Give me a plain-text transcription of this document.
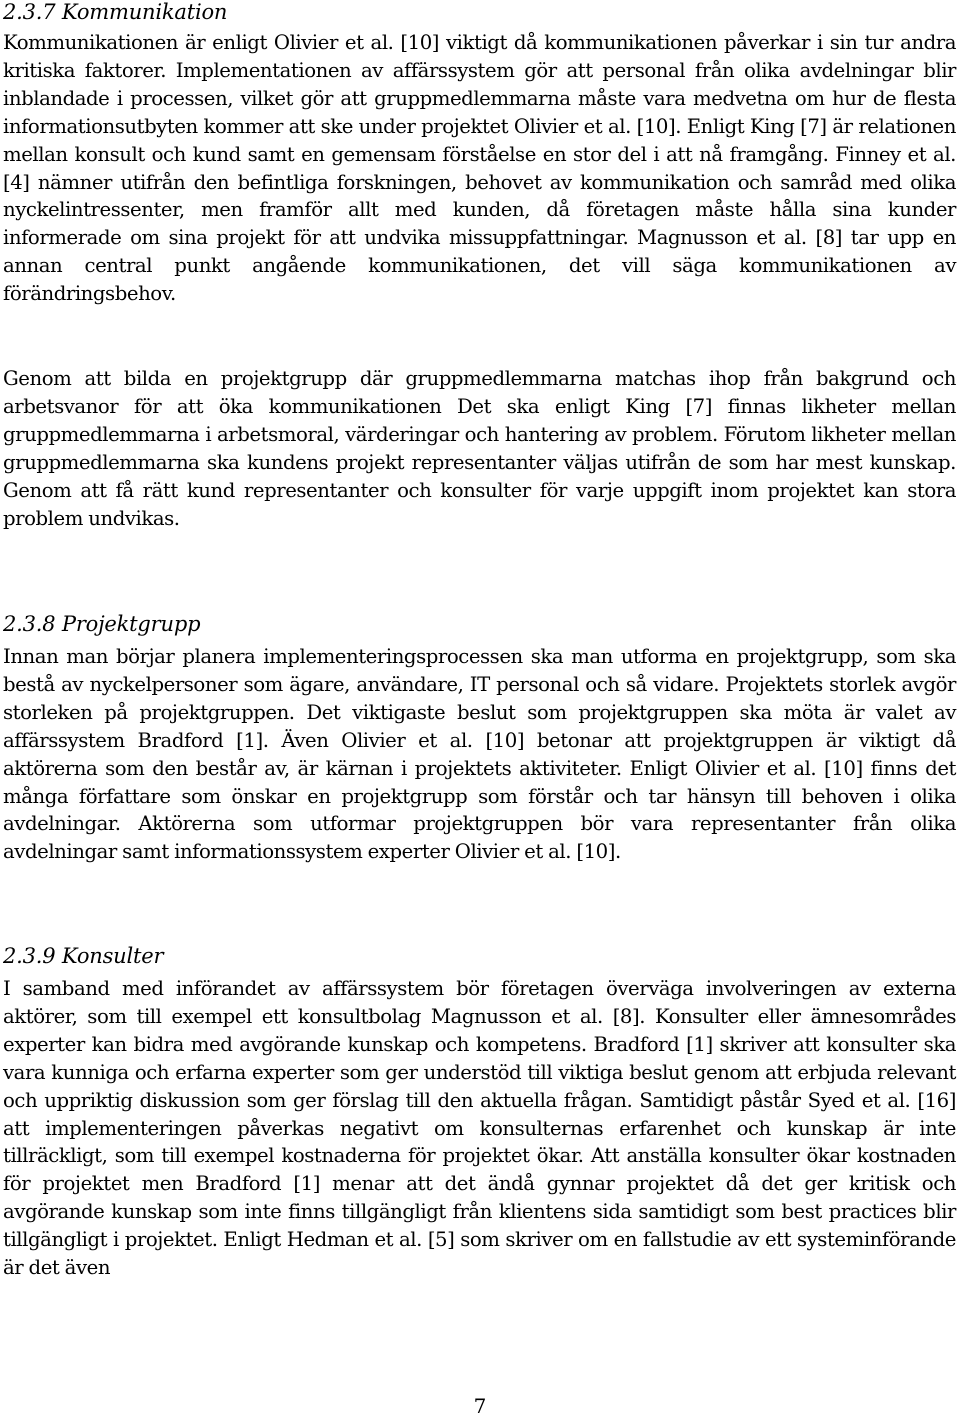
2.3.7 Kommunikation

Kommunikationen är enligt Olivier et al. [10] viktigt då kommunikationen påverkar i sin tur andra kritiska faktorer. Implementationen av affärssystem gör att personal från olika avdelningar blir inblandade i processen, vilket gör att gruppmedlemmarna måste vara medvetna om hur de flesta informationsutbyten kommer att ske under projektet Olivier et al. [10]. Enligt King [7] är relationen mellan konsult och kund samt en gemensam förståelse en stor del i att nå framgång. Finney et al. [4] nämner utifrån den befintliga forskningen, behovet av kommunikation och samråd med olika nyckelintressenter, men framför allt med kunden, då företagen måste hålla sina kunder informerade om sina projekt för att undvika missuppfattningar. Magnusson et al. [8] tar upp en annan central punkt angående kommunikationen, det vill säga kommunikationen av förändringsbehov.

Genom att bilda en projektgrupp där gruppmedlemmarna matchas ihop från bakgrund och arbetsvanor för att öka kommunikationen Det ska enligt King [7] finnas likheter mellan gruppmedlemmarna i arbetsmoral, värderingar och hantering av problem. Förutom likheter mellan gruppmedlemmarna ska kundens projekt representanter väljas utifrån de som har mest kunskap. Genom att få rätt kund representanter och konsulter för varje uppgift inom projektet kan stora problem undvikas.

2.3.8 Projektgrupp

Innan man börjar planera implementeringsprocessen ska man utforma en projektgrupp, som ska bestå av nyckelpersoner som ägare, användare, IT personal och så vidare. Projektets storlek avgör storleken på projektgruppen. Det viktigaste beslut som projektgruppen ska möta är valet av affärssystem Bradford [1]. Även Olivier et al. [10] betonar att projektgruppen är viktigt då aktörerna som den består av, är kärnan i projektets aktiviteter. Enligt Olivier et al. [10] finns det många författare som önskar en projektgrupp som förstår och tar hänsyn till behoven i olika avdelningar. Aktörerna som utformar projektgruppen bör vara representanter från olika avdelningar samt informationssystem experter Olivier et al. [10].

2.3.9 Konsulter

I samband med införandet av affärssystem bör företagen överväga involveringen av externa aktörer, som till exempel ett konsultbolag Magnusson et al. [8]. Konsulter eller ämnesområdes experter kan bidra med avgörande kunskap och kompetens. Bradford [1] skriver att konsulter ska vara kunniga och erfarna experter som ger understöd till viktiga beslut genom att erbjuda relevant och uppriktig diskussion som ger förslag till den aktuella frågan. Samtidigt påstår Syed et al. [16] att implementeringen påverkas negativt om konsulternas erfarenhet och kunskap är inte tillräckligt, som till exempel kostnaderna för projektet ökar. Att anställa konsulter ökar kostnaden för projektet men Bradford [1] menar att det ändå gynnar projektet då det ger kritisk och avgörande kunskap som inte finns tillgängligt från klientens sida samtidigt som best practices blir tillgängligt i projektet. Enligt Hedman et al. [5] som skriver om en fallstudie av ett systeminförande är det även

7
